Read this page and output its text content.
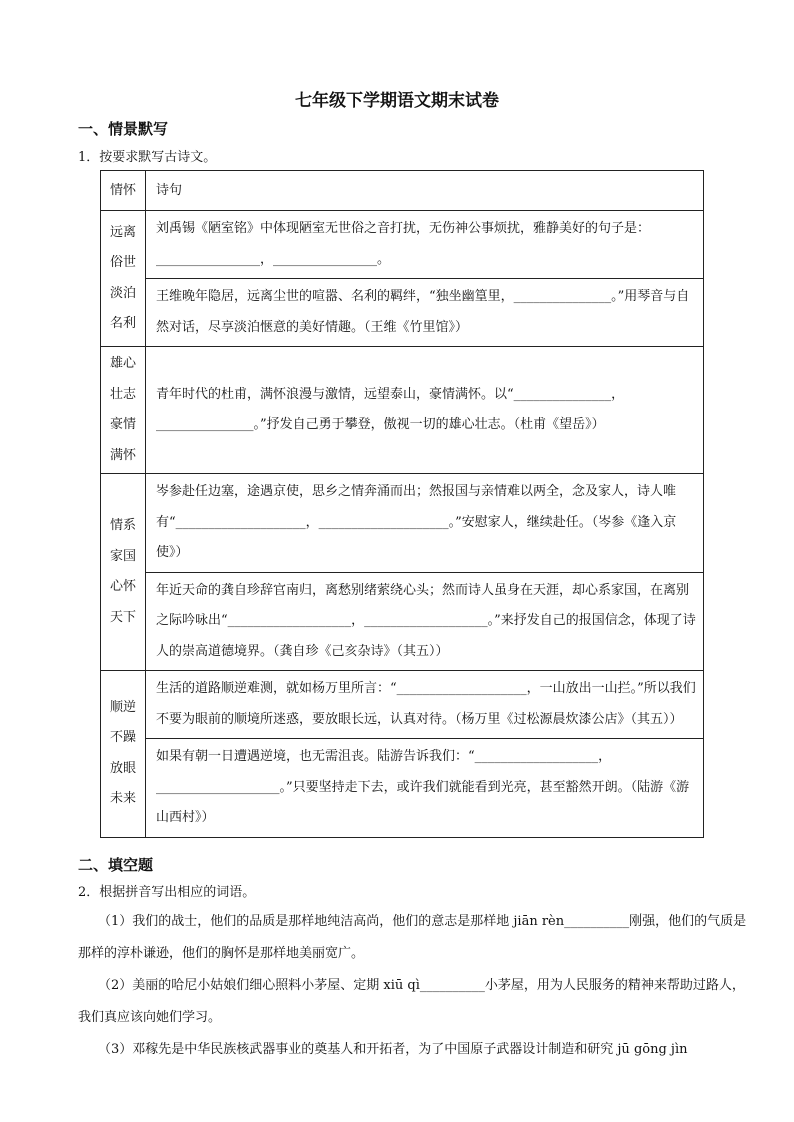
七年级下学期语文期末试卷
一、情景默写
1．按要求默写古诗文。
情怀	诗句

远离
俗世
淡泊
名利	刘禹锡《陋室铭》中体现陋室无世俗之音打扰，无伤神公事烦扰，雅静美好的句子是：________________，________________。
	王维晚年隐居，远离尘世的喧嚣、名利的羁绊，“独坐幽篁里，_______________。”用琴音与自然对话，尽享淡泊惬意的美好情趣。（王维《竹里馆》）

雄心
壮志
豪情
满怀	青年时代的杜甫，满怀浪漫与激情，远望泰山，豪情满怀。以“_______________，_______________。”抒发自己勇于攀登，傲视一切的雄心壮志。（杜甫《望岳》）

情系
家国
心怀
天下	岑参赴任边塞，途遇京使，思乡之情奔涌而出；然报国与亲情难以两全，念及家人，诗人唯有“____________________，____________________。”安慰家人，继续赴任。（岑参《逢入京使》）
	年近天命的龚自珍辞官南归，离愁别绪萦绕心头；然而诗人虽身在天涯，却心系家国，在离别之际吟咏出“___________________，___________________。”来抒发自己的报国信念，体现了诗人的崇高道德境界。（龚自珍《己亥杂诗》（其五））

顺逆
不躁
放眼
未来	生活的道路顺逆难测，就如杨万里所言：“____________________，一山放出一山拦。”所以我们不要为眼前的顺境所迷惑，要放眼长远，认真对待。（杨万里《过松源晨炊漆公店》（其五））
	如果有朝一日遭遇逆境，也无需沮丧。陆游告诉我们：“___________________，___________________。”只要坚持走下去，或许我们就能看到光亮，甚至豁然开朗。（陆游《游山西村》）
二、填空题
2．根据拼音写出相应的词语。
（1）我们的战士，他们的品质是那样地纯洁高尚，他们的意志是那样地 jiān rèn__________刚强，他们的气质是那样的淳朴谦逊，他们的胸怀是那样地美丽宽广。
（2）美丽的哈尼小姑娘们细心照料小茅屋、定期 xiū qì__________小茅屋，用为人民服务的精神来帮助过路人，我们真应该向她们学习。
（3）邓稼先是中华民族核武器事业的奠基人和开拓者，为了中国原子武器设计制造和研究 jū gōng jìn
